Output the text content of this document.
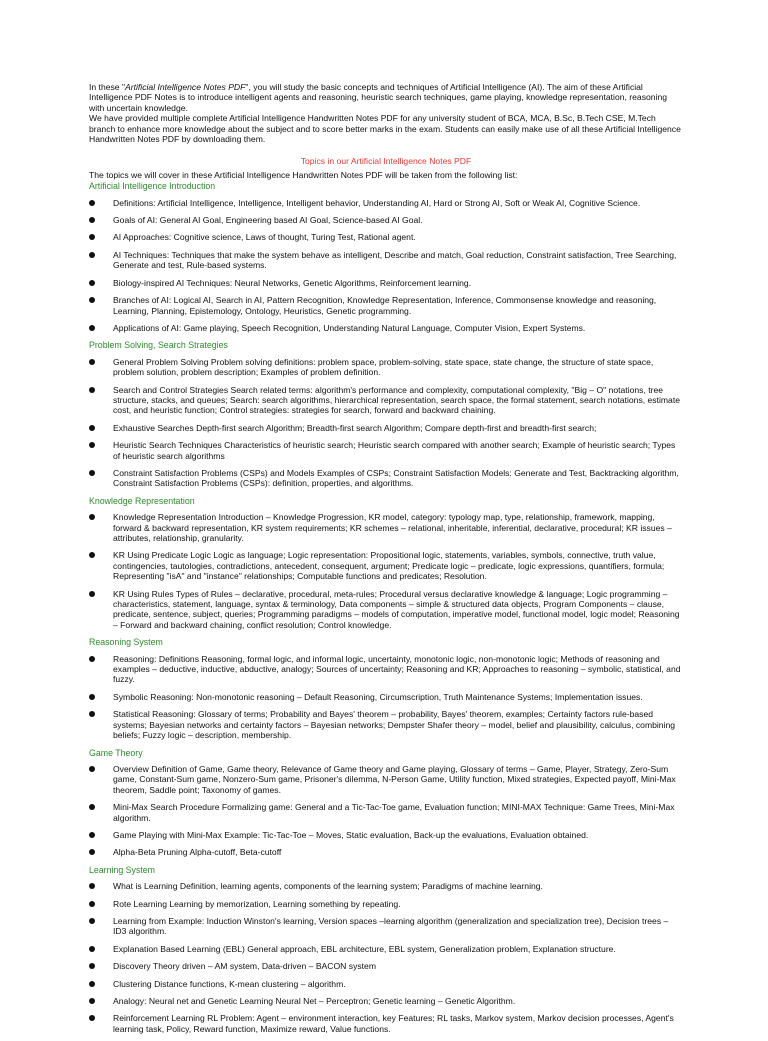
In these "Artificial Intelligence Notes PDF", you will study the basic concepts and techniques of Artificial Intelligence (AI). The aim of these Artificial Intelligence PDF Notes is to introduce intelligent agents and reasoning, heuristic search techniques, game playing, knowledge representation, reasoning with uncertain knowledge.

We have provided multiple complete Artificial Intelligence Handwritten Notes PDF for any university student of BCA, MCA, B.Sc, B.Tech CSE, M.Tech branch to enhance more knowledge about the subject and to score better marks in the exam. Students can easily make use of all these Artificial Intelligence Handwritten Notes PDF by downloading them.

Topics in our Artificial Intelligence Notes PDF

The topics we will cover in these Artificial Intelligence Handwritten Notes PDF will be taken from the following list:

Artificial Intelligence Introduction
Definitions: Artificial Intelligence, Intelligence, Intelligent behavior, Understanding AI, Hard or Strong AI, Soft or Weak AI, Cognitive Science.
Goals of AI: General AI Goal, Engineering based AI Goal, Science-based AI Goal.
AI Approaches: Cognitive science, Laws of thought, Turing Test, Rational agent.
AI Techniques: Techniques that make the system behave as intelligent, Describe and match, Goal reduction, Constraint satisfaction, Tree Searching, Generate and test, Rule-based systems.
Biology-inspired AI Techniques: Neural Networks, Genetic Algorithms, Reinforcement learning.
Branches of AI: Logical AI, Search in AI, Pattern Recognition, Knowledge Representation, Inference, Commonsense knowledge and reasoning, Learning, Planning, Epistemology, Ontology, Heuristics, Genetic programming.
Applications of AI: Game playing, Speech Recognition, Understanding Natural Language, Computer Vision, Expert Systems.
Problem Solving, Search Strategies
General Problem Solving Problem solving definitions: problem space, problem-solving, state space, state change, the structure of state space, problem solution, problem description; Examples of problem definition.
Search and Control Strategies Search related terms: algorithm's performance and complexity, computational complexity, "Big – O" notations, tree structure, stacks, and queues; Search: search algorithms, hierarchical representation, search space, the formal statement, search notations, estimate cost, and heuristic function; Control strategies: strategies for search, forward and backward chaining.
Exhaustive Searches Depth-first search Algorithm; Breadth-first search Algorithm; Compare depth-first and breadth-first search;
Heuristic Search Techniques Characteristics of heuristic search; Heuristic search compared with another search; Example of heuristic search; Types of heuristic search algorithms
Constraint Satisfaction Problems (CSPs) and Models Examples of CSPs; Constraint Satisfaction Models: Generate and Test, Backtracking algorithm, Constraint Satisfaction Problems (CSPs): definition, properties, and algorithms.
Knowledge Representation
Knowledge Representation Introduction – Knowledge Progression, KR model, category: typology map, type, relationship, framework, mapping, forward & backward representation, KR system requirements; KR schemes – relational, inheritable, inferential, declarative, procedural; KR issues – attributes, relationship, granularity.
KR Using Predicate Logic Logic as language; Logic representation: Propositional logic, statements, variables, symbols, connective, truth value, contingencies, tautologies, contradictions, antecedent, consequent, argument; Predicate logic – predicate, logic expressions, quantifiers, formula; Representing "isA" and "instance" relationships; Computable functions and predicates; Resolution.
KR Using Rules Types of Rules – declarative, procedural, meta-rules; Procedural versus declarative knowledge & language; Logic programming – characteristics, statement, language, syntax & terminology, Data components – simple & structured data objects, Program Components – clause, predicate, sentence, subject, queries; Programming paradigms – models of computation, imperative model, functional model, logic model; Reasoning – Forward and backward chaining, conflict resolution; Control knowledge.
Reasoning System
Reasoning: Definitions Reasoning, formal logic, and informal logic, uncertainty, monotonic logic, non-monotonic logic; Methods of reasoning and examples – deductive, inductive, abductive, analogy; Sources of uncertainty; Reasoning and KR; Approaches to reasoning – symbolic, statistical, and fuzzy.
Symbolic Reasoning: Non-monotonic reasoning – Default Reasoning, Circumscription, Truth Maintenance Systems; Implementation issues.
Statistical Reasoning: Glossary of terms; Probability and Bayes' theorem – probability, Bayes' theorem, examples; Certainty factors rule-based systems; Bayesian networks and certainty factors – Bayesian networks; Dempster Shafer theory – model, belief and plausibility, calculus, combining beliefs; Fuzzy logic – description, membership.
Game Theory
Overview Definition of Game, Game theory, Relevance of Game theory and Game playing, Glossary of terms – Game, Player, Strategy, Zero-Sum game, Constant-Sum game, Nonzero-Sum game, Prisoner's dilemma, N-Person Game, Utility function, Mixed strategies, Expected payoff, Mini-Max theorem, Saddle point; Taxonomy of games.
Mini-Max Search Procedure Formalizing game: General and a Tic-Tac-Toe game, Evaluation function; MINI-MAX Technique: Game Trees, Mini-Max algorithm.
Game Playing with Mini-Max Example: Tic-Tac-Toe – Moves, Static evaluation, Back-up the evaluations, Evaluation obtained.
Alpha-Beta Pruning Alpha-cutoff, Beta-cutoff
Learning System
What is Learning Definition, learning agents, components of the learning system; Paradigms of machine learning.
Rote Learning Learning by memorization, Learning something by repeating.
Learning from Example: Induction Winston's learning, Version spaces –learning algorithm (generalization and specialization tree), Decision trees – ID3 algorithm.
Explanation Based Learning (EBL) General approach, EBL architecture, EBL system, Generalization problem, Explanation structure.
Discovery Theory driven – AM system, Data-driven – BACON system
Clustering Distance functions, K-mean clustering – algorithm.
Analogy: Neural net and Genetic Learning Neural Net – Perceptron; Genetic learning – Genetic Algorithm.
Reinforcement Learning RL Problem: Agent – environment interaction, key Features; RL tasks, Markov system, Markov decision processes, Agent's learning task, Policy, Reward function, Maximize reward, Value functions.
